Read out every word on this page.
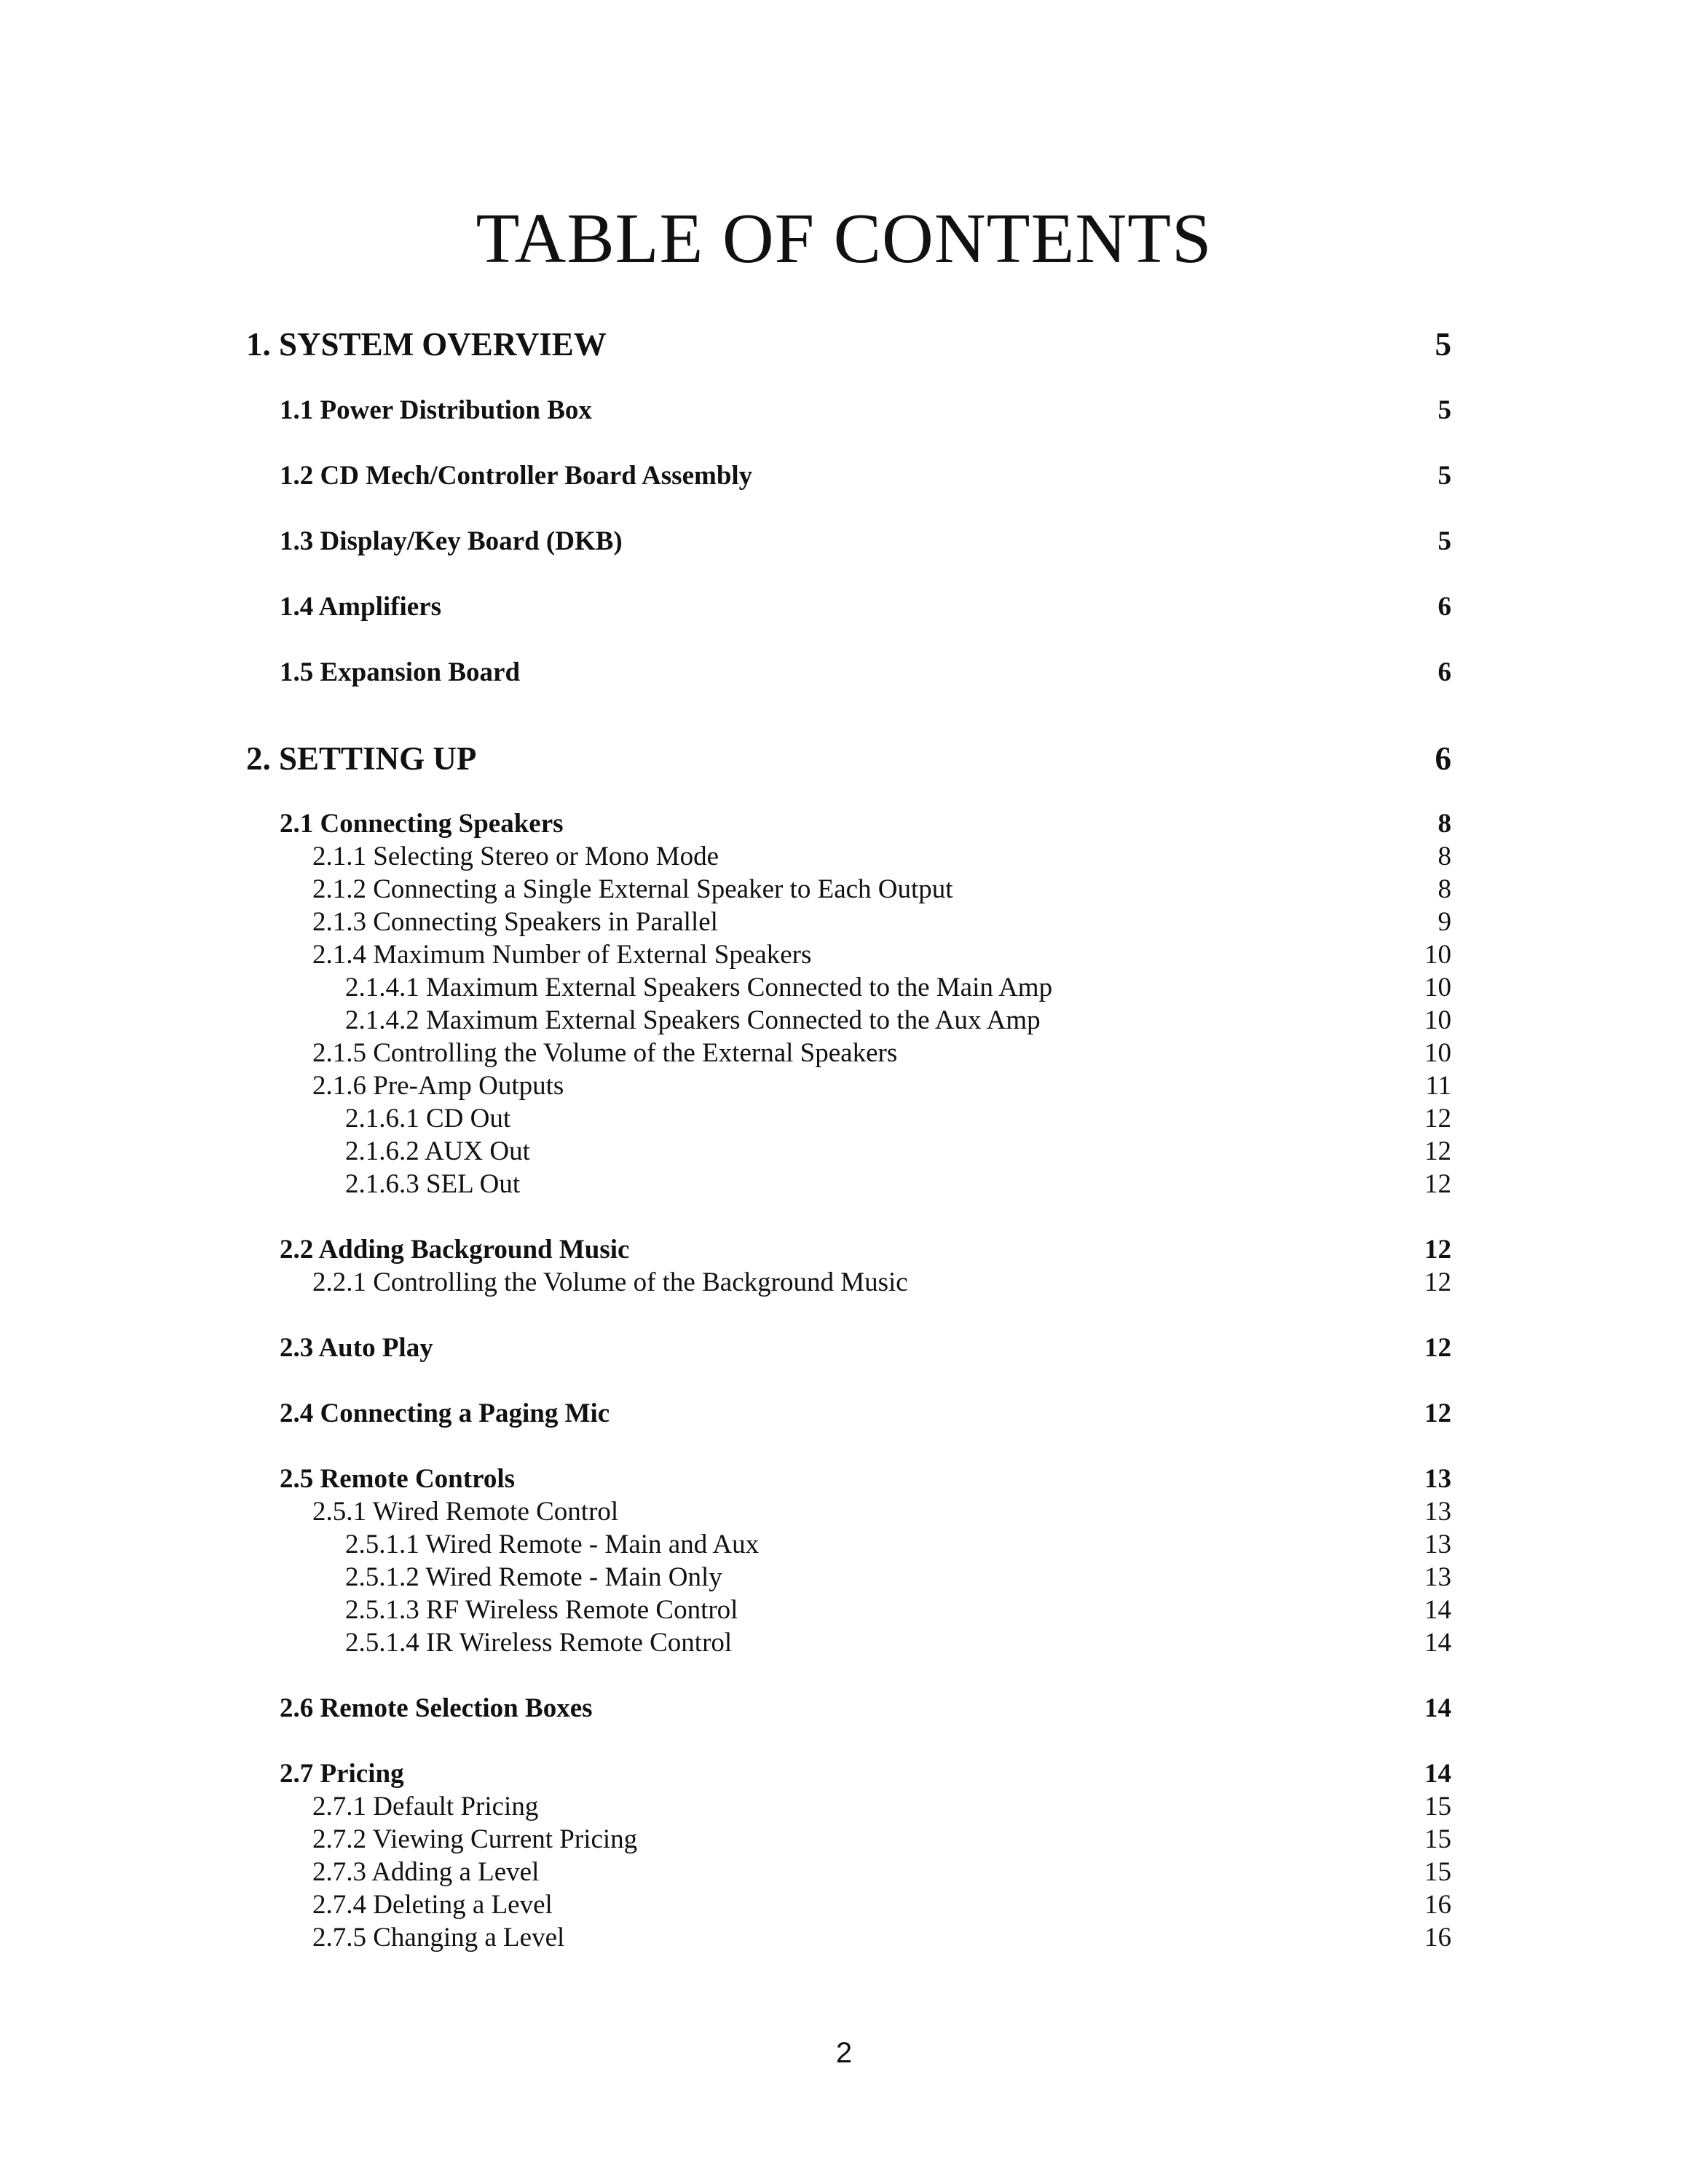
TABLE OF CONTENTS
1. SYSTEM OVERVIEW	5
1.1 Power Distribution Box	5
1.2 CD Mech/Controller Board Assembly	5
1.3 Display/Key Board (DKB)	5
1.4 Amplifiers	6
1.5 Expansion Board	6
2. SETTING UP	6
2.1 Connecting Speakers	8
2.1.1 Selecting Stereo or Mono Mode	8
2.1.2 Connecting a Single External Speaker to Each Output	8
2.1.3 Connecting Speakers in Parallel	9
2.1.4 Maximum Number of External Speakers	10
2.1.4.1 Maximum External Speakers Connected to the Main Amp	10
2.1.4.2 Maximum External Speakers Connected to the Aux Amp	10
2.1.5 Controlling the Volume of the External Speakers	10
2.1.6 Pre-Amp Outputs	11
2.1.6.1 CD Out	12
2.1.6.2 AUX Out	12
2.1.6.3 SEL Out	12
2.2 Adding Background Music	12
2.2.1 Controlling the Volume of the Background Music	12
2.3 Auto Play	12
2.4 Connecting a Paging Mic	12
2.5 Remote Controls	13
2.5.1 Wired Remote Control	13
2.5.1.1 Wired Remote - Main and Aux	13
2.5.1.2 Wired Remote - Main Only	13
2.5.1.3 RF Wireless Remote Control	14
2.5.1.4 IR Wireless Remote Control	14
2.6 Remote Selection Boxes	14
2.7 Pricing	14
2.7.1 Default Pricing	15
2.7.2 Viewing Current Pricing	15
2.7.3 Adding a Level	15
2.7.4 Deleting a Level	16
2.7.5 Changing a Level	16
2
